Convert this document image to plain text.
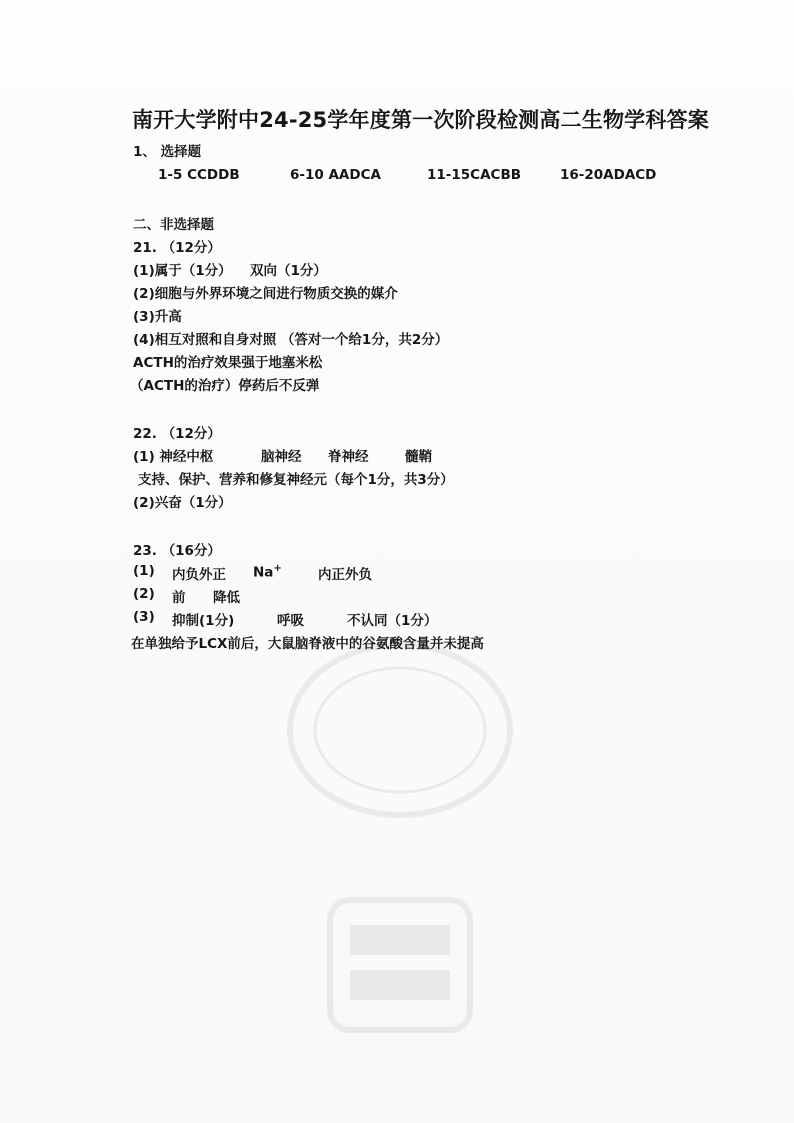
南开大学附中24-25学年度第一次阶段检测高二生物学科答案
1、 选择题
1-5 CCDDB	6-10 AADCA	11-15CACBB	16-20ADACD
二、非选择题
21. （12分）
(1)属于（1分） 双向（1分）
(2)细胞与外界环境之间进行物质交换的媒介
(3)升高
(4)相互对照和自身对照 （答对一个给1分，共2分）
ACTH的治疗效果强于地塞米松
（ACTH的治疗）停药后不反弹
22. （12分）
(1) 神经中枢	脑神经 脊神经	髓鞘
支持、保护、营养和修复神经元（每个1分，共3分）
(2)兴奋（1分）
23. （16分）
(1) 内负外正 Na+	内正外负
(2) 前 降低
(3) 抑制(1分)	呼吸	不认同（1分）
在单独给予LCX前后，大鼠脑脊液中的谷氨酸含量并未提高
